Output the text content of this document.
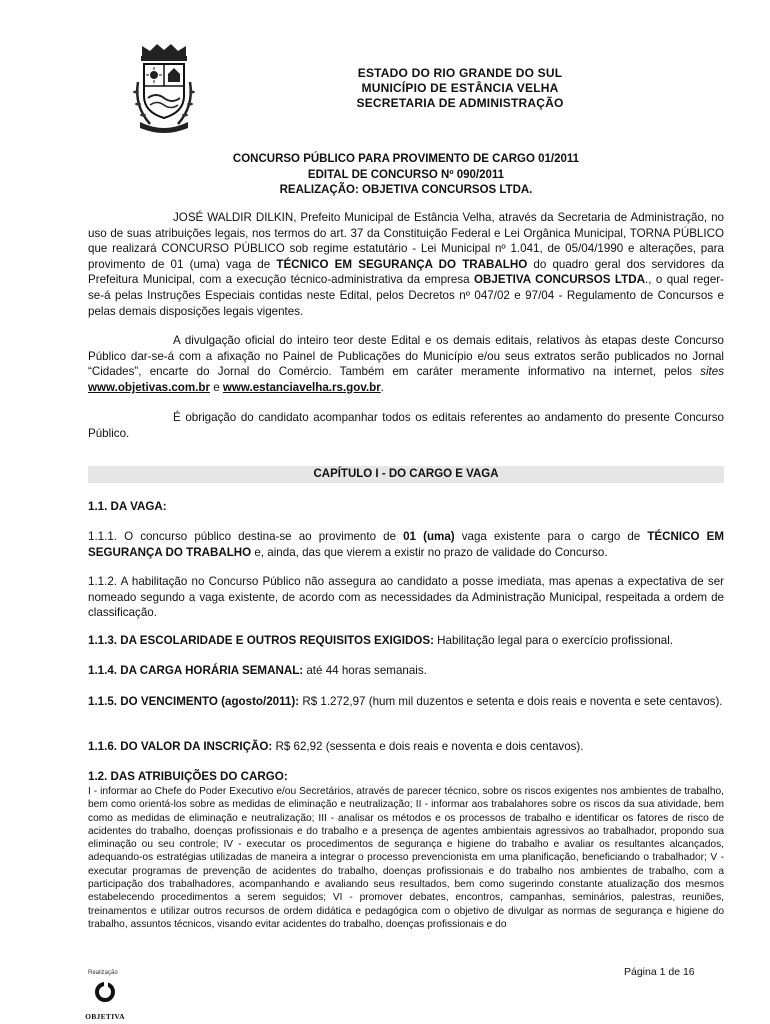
ESTADO DO RIO GRANDE DO SUL
MUNICÍPIO DE ESTÂNCIA VELHA
SECRETARIA DE ADMINISTRAÇÃO
CONCURSO PÚBLICO PARA PROVIMENTO DE CARGO 01/2011
EDITAL DE CONCURSO Nº 090/2011
REALIZAÇÃO: OBJETIVA CONCURSOS LTDA.
JOSÉ WALDIR DILKIN, Prefeito Municipal de Estância Velha, através da Secretaria de Administração, no uso de suas atribuições legais, nos termos do art. 37 da Constituição Federal e Lei Orgânica Municipal, TORNA PÚBLICO que realizará CONCURSO PÚBLICO sob regime estatutário - Lei Municipal nº 1.041, de 05/04/1990 e alterações, para provimento de 01 (uma) vaga de TÉCNICO EM SEGURANÇA DO TRABALHO do quadro geral dos servidores da Prefeitura Municipal, com a execução técnico-administrativa da empresa OBJETIVA CONCURSOS LTDA., o qual reger-se-á pelas Instruções Especiais contidas neste Edital, pelos Decretos nº 047/02 e 97/04 - Regulamento de Concursos e pelas demais disposições legais vigentes.
A divulgação oficial do inteiro teor deste Edital e os demais editais, relativos às etapas deste Concurso Público dar-se-á com a afixação no Painel de Publicações do Município e/ou seus extratos serão publicados no Jornal “Cidades”, encarte do Jornal do Comércio. Também em caráter meramente informativo na internet, pelos sites www.objetivas.com.br e www.estanciavelha.rs.gov.br.
É obrigação do candidato acompanhar todos os editais referentes ao andamento do presente Concurso Público.
CAPÍTULO I - DO CARGO E VAGA
1.1. DA VAGA:
1.1.1. O concurso público destina-se ao provimento de 01 (uma) vaga existente para o cargo de TÉCNICO EM SEGURANÇA DO TRABALHO e, ainda, das que vierem a existir no prazo de validade do Concurso.
1.1.2. A habilitação no Concurso Público não assegura ao candidato a posse imediata, mas apenas a expectativa de ser nomeado segundo a vaga existente, de acordo com as necessidades da Administração Municipal, respeitada a ordem de classificação.
1.1.3. DA ESCOLARIDADE E OUTROS REQUISITOS EXIGIDOS: Habilitação legal para o exercício profissional.
1.1.4. DA CARGA HORÁRIA SEMANAL: até 44 horas semanais.
1.1.5. DO VENCIMENTO (agosto/2011): R$ 1.272,97 (hum mil duzentos e setenta e dois reais e noventa e sete centavos).
1.1.6. DO VALOR DA INSCRIÇÃO: R$ 62,92 (sessenta e dois reais e noventa e dois centavos).
1.2. DAS ATRIBUIÇÕES DO CARGO:
I - informar ao Chefe do Poder Executivo e/ou Secretários, através de parecer técnico, sobre os riscos exigentes nos ambientes de trabalho, bem como orientá-los sobre as medidas de eliminação e neutralização; II - informar aos trabalahores sobre os riscos da sua atividade, bem como as medidas de eliminação e neutralização; III - analisar os métodos e os processos de trabalho e identificar os fatores de risco de acidentes do trabalho, doenças profissionais e do trabalho e a presença de agentes ambientais agressivos ao trabalhador, propondo sua eliminação ou seu controle; IV - executar os procedimentos de segurança e higiene do trabalho e avaliar os resultantes alcançados, adequando-os estratégias utilizadas de maneira a integrar o processo prevencionista em uma planificação, beneficiando o trabalhador; V - executar programas de prevenção de acidentes do trabalho, doenças profissionais e do trabalho nos ambientes de trabalho, com a participação dos trabalhadores, acompanhando e avaliando seus resultados, bem como sugerindo constante atualização dos mesmos estabelecendo procedimentos a serem seguidos; VI - promover debates, encontros, campanhas, seminários, palestras, reuniões, treinamentos e utilizar outros recursos de ordem didática e pedagógica com o objetivo de divulgar as normas de segurança e higiene do trabalho, assuntos técnicos, visando evitar acidentes do trabalho, doenças profissionais e do
Realização
OBJETIVA
Página 1 de 16
